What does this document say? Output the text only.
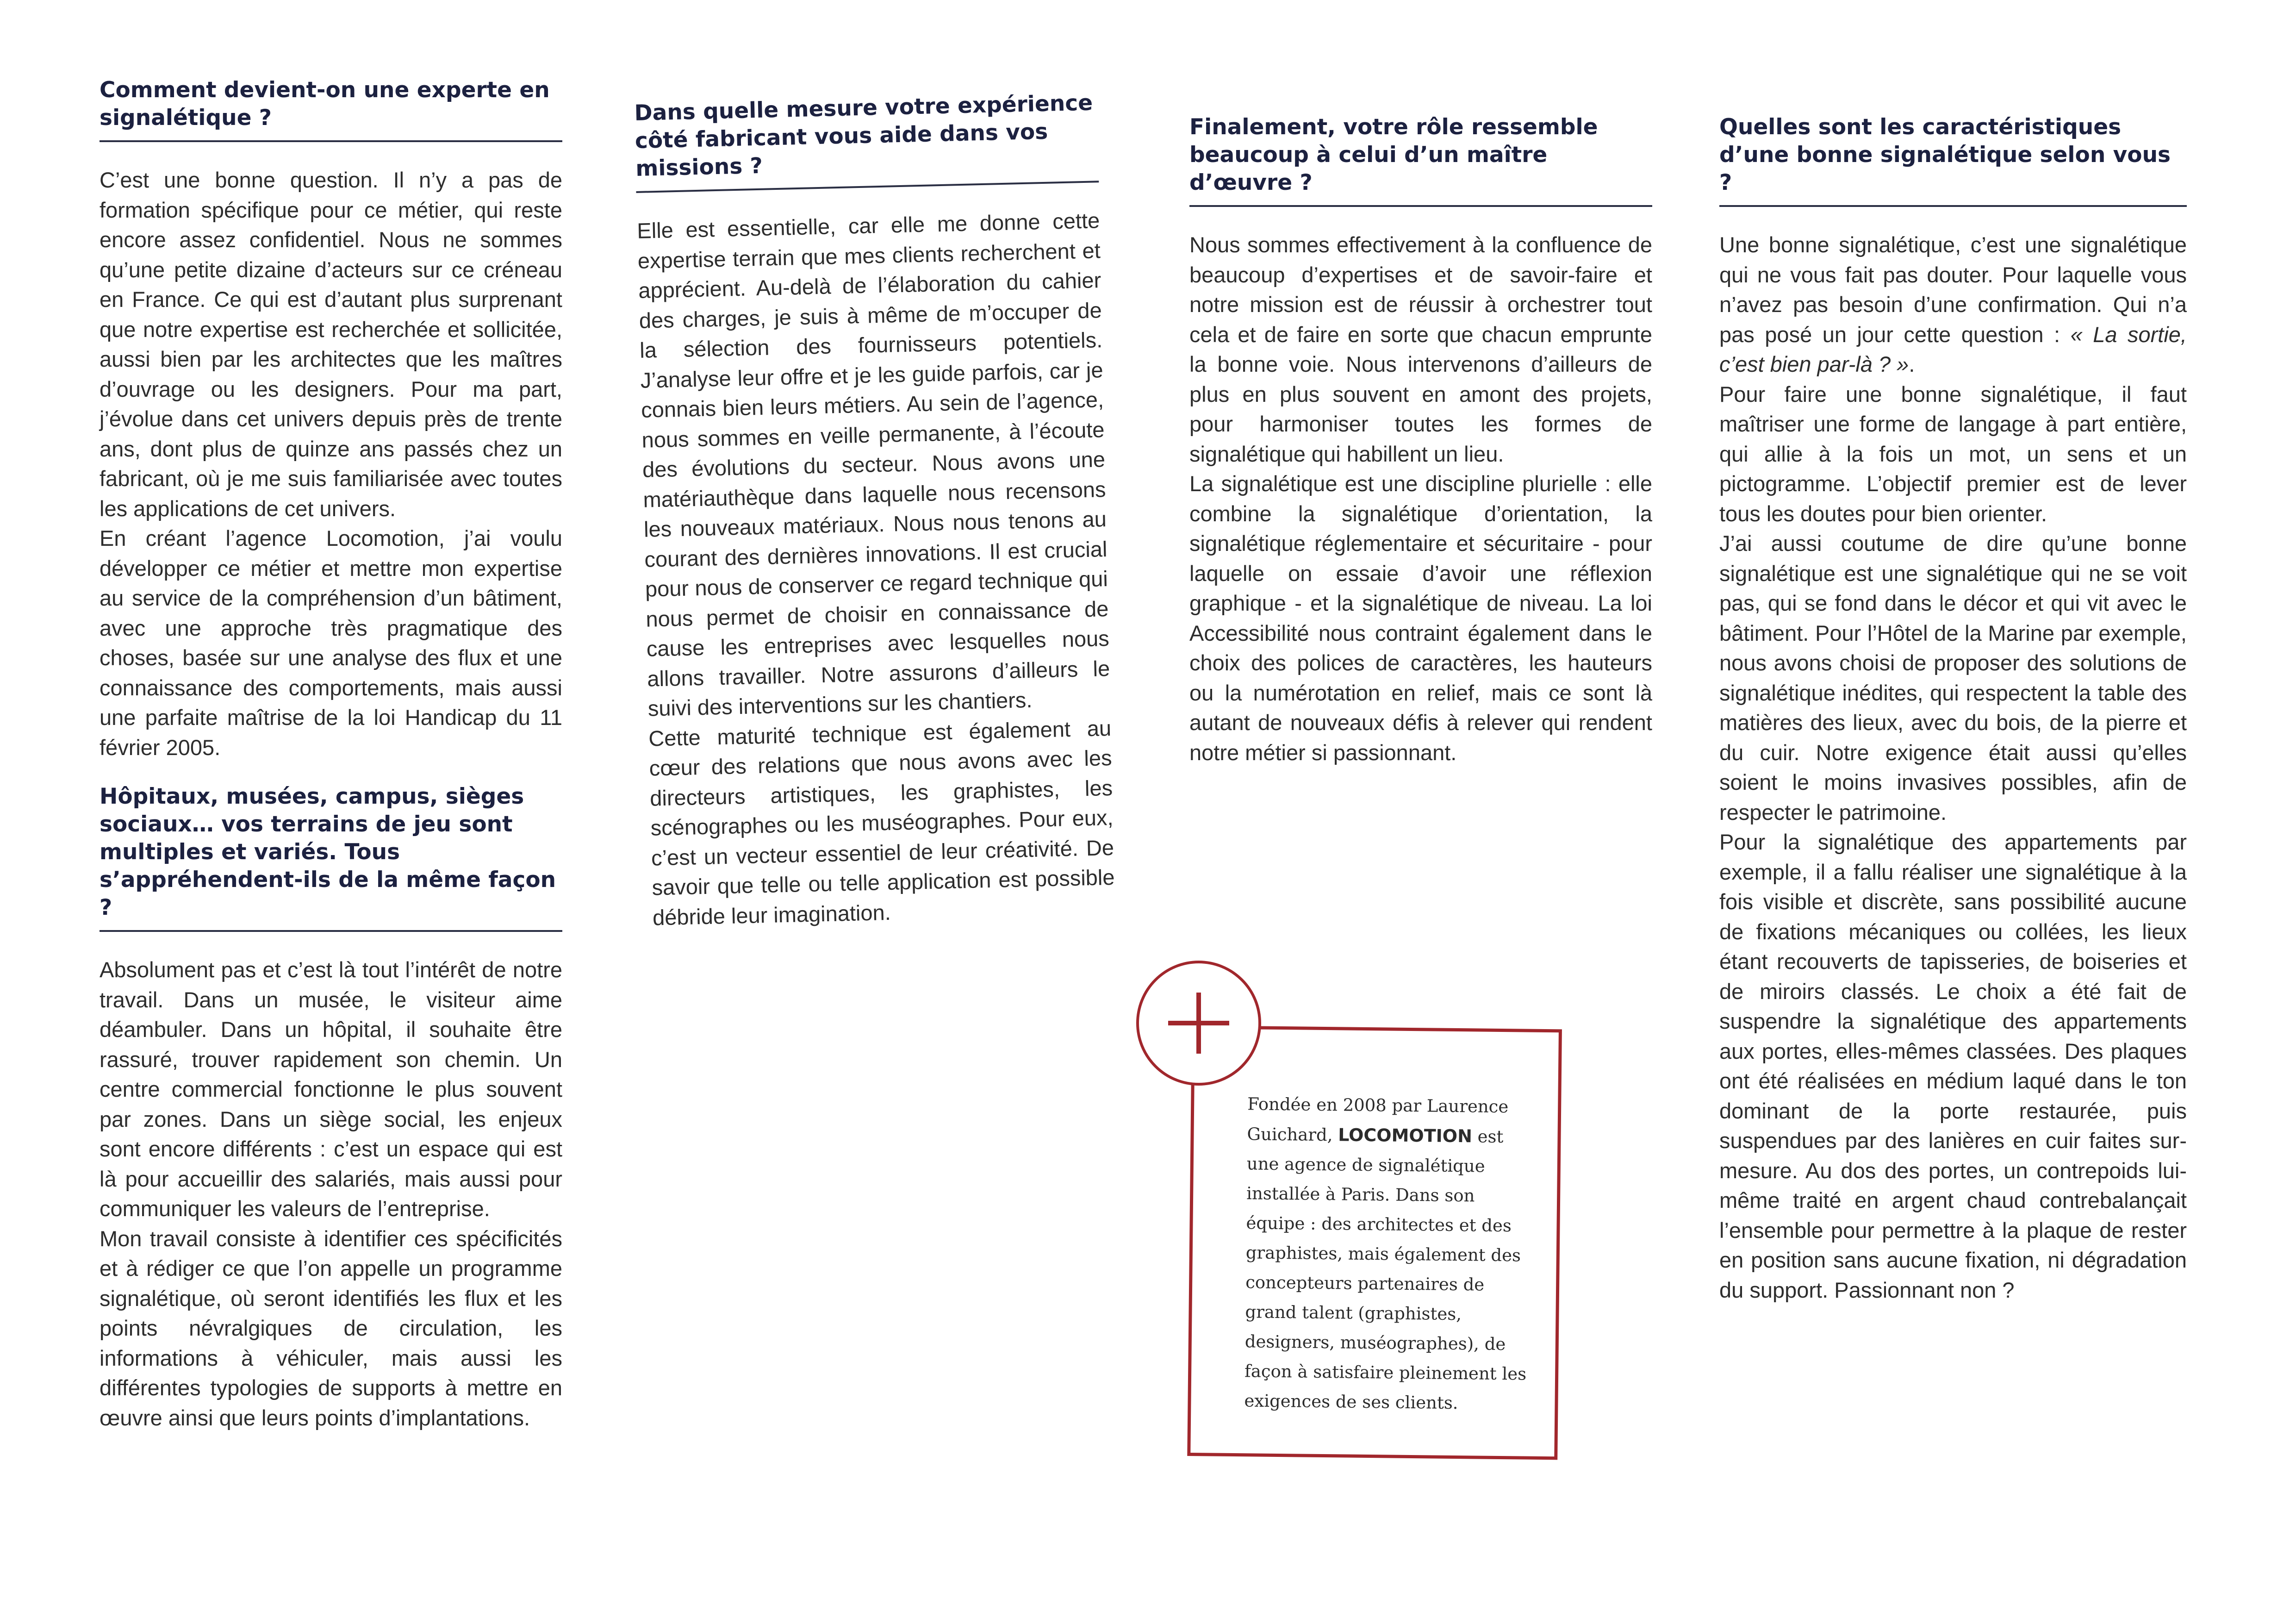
Comment devient-on une experte en signalétique ?

C’est une bonne question. Il n’y a pas de formation spécifique pour ce métier, qui reste encore assez confidentiel. Nous ne sommes qu’une petite dizaine d’acteurs sur ce créneau en France. Ce qui est d’autant plus surprenant que notre expertise est recherchée et sollicitée, aussi bien par les architectes que les maîtres d’ouvrage ou les designers. Pour ma part, j’évolue dans cet univers depuis près de trente ans, dont plus de quinze ans passés chez un fabricant, où je me suis familiarisée avec toutes les applications de cet univers.

En créant l’agence Locomotion, j’ai voulu développer ce métier et mettre mon expertise au service de la compréhension d’un bâtiment, avec une approche très pragmatique des choses, basée sur une analyse des flux et une connaissance des comportements, mais aussi une parfaite maîtrise de la loi Handicap du 11 février 2005.

Hôpitaux, musées, campus, sièges sociaux… vos terrains de jeu sont multiples et variés. Tous s’appréhendent-ils de la même façon ?

Absolument pas et c’est là tout l’intérêt de notre travail. Dans un musée, le visiteur aime déambuler. Dans un hôpital, il souhaite être rassuré, trouver rapidement son chemin. Un centre commercial fonctionne le plus souvent par zones. Dans un siège social, les enjeux sont encore différents : c’est un espace qui est là pour accueillir des salariés, mais aussi pour communiquer les valeurs de l’entreprise.

Mon travail consiste à identifier ces spécificités et à rédiger ce que l’on appelle un programme signalétique, où seront identifiés les flux et les points névralgiques de circulation, les informations à véhiculer, mais aussi les différentes typologies de supports à mettre en œuvre ainsi que leurs points d’implantations.

Dans quelle mesure votre expérience côté fabricant vous aide dans vos missions ?

Elle est essentielle, car elle me donne cette expertise terrain que mes clients recherchent et apprécient. Au-delà de l’élaboration du cahier des charges, je suis à même de m’occuper de la sélection des fournisseurs potentiels. J’analyse leur offre et je les guide parfois, car je connais bien leurs métiers. Au sein de l’agence, nous sommes en veille permanente, à l’écoute des évolutions du secteur. Nous avons une matériauthèque dans laquelle nous recensons les nouveaux matériaux. Nous nous tenons au courant des dernières innovations. Il est crucial pour nous de conserver ce regard technique qui nous permet de choisir en connaissance de cause les entreprises avec lesquelles nous allons travailler. Notre assurons d’ailleurs le suivi des interventions sur les chantiers.

Cette maturité technique est également au cœur des relations que nous avons avec les directeurs artistiques, les graphistes, les scénographes ou les muséographes. Pour eux, c’est un vecteur essentiel de leur créativité. De savoir que telle ou telle application est possible débride leur imagination.

Finalement, votre rôle ressemble beaucoup à celui d’un maître d’œuvre ?

Nous sommes effectivement à la confluence de beaucoup d’expertises et de savoir-faire et notre mission est de réussir à orchestrer tout cela et de faire en sorte que chacun emprunte la bonne voie. Nous intervenons d’ailleurs de plus en plus souvent en amont des projets, pour harmoniser toutes les formes de signalétique qui habillent un lieu.

La signalétique est une discipline plurielle : elle combine la signalétique d’orientation, la signalétique réglementaire et sécuritaire - pour laquelle on essaie d’avoir une réflexion graphique - et la signalétique de niveau. La loi Accessibilité nous contraint également dans le choix des polices de caractères, les hauteurs ou la numérotation en relief, mais ce sont là autant de nouveaux défis à relever qui rendent notre métier si passionnant.

Quelles sont les caractéristiques d’une bonne signalétique selon vous ?

Une bonne signalétique, c’est une signalétique qui ne vous fait pas douter. Pour laquelle vous n’avez pas besoin d’une confirmation. Qui n’a pas posé un jour cette question : « La sortie, c’est bien par-là ? ».

Pour faire une bonne signalétique, il faut maîtriser une forme de langage à part entière, qui allie à la fois un mot, un sens et un pictogramme. L’objectif premier est de lever tous les doutes pour bien orienter.

J’ai aussi coutume de dire qu’une bonne signalétique est une signalétique qui ne se voit pas, qui se fond dans le décor et qui vit avec le bâtiment. Pour l’Hôtel de la Marine par exemple, nous avons choisi de proposer des solutions de signalétique inédites, qui respectent la table des matières des lieux, avec du bois, de la pierre et du cuir. Notre exigence était aussi qu’elles soient le moins invasives possibles, afin de respecter le patrimoine.

Pour la signalétique des appartements par exemple, il a fallu réaliser une signalétique à la fois visible et discrète, sans possibilité aucune de fixations mécaniques ou collées, les lieux étant recouverts de tapisseries, de boiseries et de miroirs classés. Le choix a été fait de suspendre la signalétique des appartements aux portes, elles-mêmes classées. Des plaques ont été réalisées en médium laqué dans le ton dominant de la porte restaurée, puis suspendues par des lanières en cuir faites sur-mesure. Au dos des portes, un contrepoids lui-même traité en argent chaud contrebalançait l’ensemble pour permettre à la plaque de rester en position sans aucune fixation, ni dégradation du support. Passionnant non ?

Fondée en 2008 par Laurence Guichard, LOCOMOTION est une agence de signalétique installée à Paris. Dans son équipe : des architectes et des graphistes, mais également des concepteurs partenaires de grand talent (graphistes, designers, muséographes), de façon à satisfaire pleinement les exigences de ses clients.
